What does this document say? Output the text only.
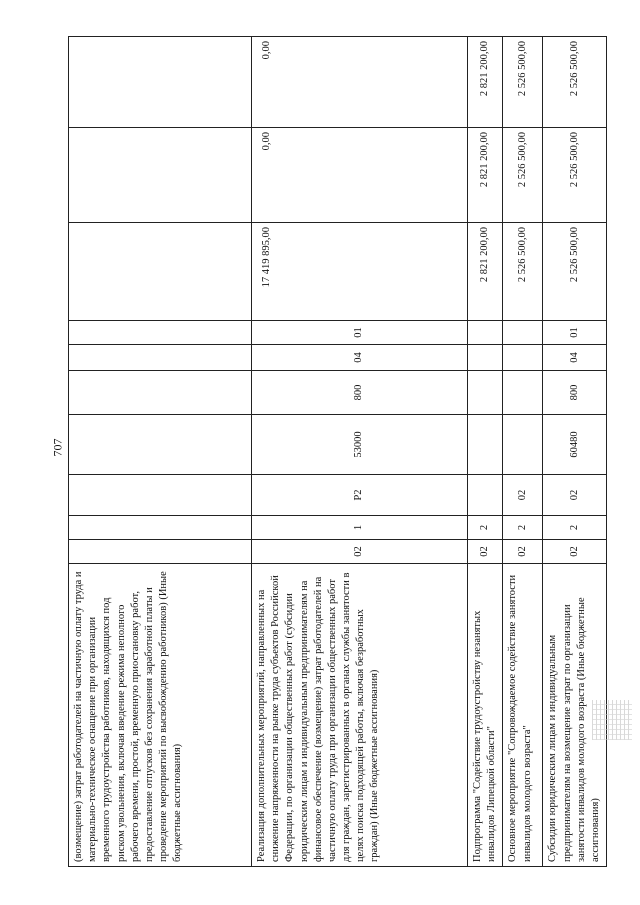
707
(возмещение) затрат работодателей на частичную оплату труда и материально-техническое оснащение при организации временного трудоустройства работников, находящихся под риском увольнения, включая введение режима неполного рабочего времени, простой, временную приостановку работ, предоставление отпусков без сохранения заработной платы и проведение мероприятий по высвобождению работников) (Иные бюджетные ассигнования)										
Реализация дополнительных мероприятий, направленных на снижение напряженности на рынке труда субъектов Российской Федерации, по организации общественных работ (субсидии юридическим лицам и индивидуальным предпринимателям на финансовое обеспечение (возмещение) затрат работодателей на частичную оплату труда при организации общественных работ для граждан, зарегистрированных в органах службы занятости в целях поиска подходящей работы, включая безработных граждан) (Иные бюджетные ассигнования)	02	1	P2	53000	800	04	01	17 419 895,00	0,00	0,00
Подпрограмма "Содействие трудоустройству незанятых инвалидов Липецкой области"	02	2						2 821 200,00	2 821 200,00	2 821 200,00
Основное мероприятие "Сопровождаемое содействие занятости инвалидов молодого возраста"	02	2	02					2 526 500,00	2 526 500,00	2 526 500,00
Субсидии юридическим лицам и индивидуальным предпринимателям на возмещение затрат по организации занятости инвалидов молодого возраста (Иные бюджетные ассигнования)	02	2	02	60480	800	04	01	2 526 500,00	2 526 500,00	2 526 500,00
